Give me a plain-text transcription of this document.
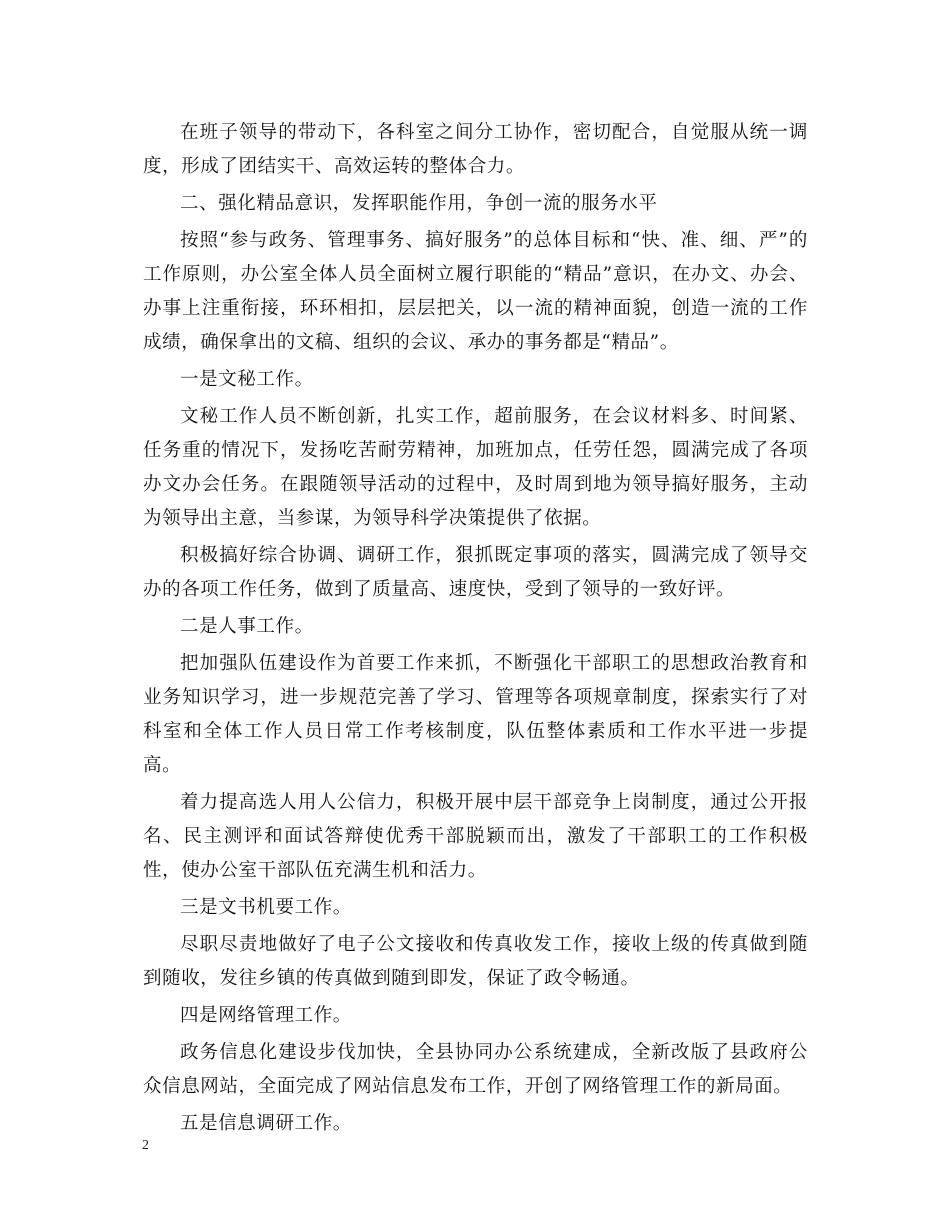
在班子领导的带动下，各科室之间分工协作，密切配合，自觉服从统一调度，形成了团结实干、高效运转的整体合力。

二、强化精品意识，发挥职能作用，争创一流的服务水平

按照“参与政务、管理事务、搞好服务”的总体目标和“快、准、细、严”的工作原则，办公室全体人员全面树立履行职能的“精品”意识，在办文、办会、办事上注重衔接，环环相扣，层层把关，以一流的精神面貌，创造一流的工作成绩，确保拿出的文稿、组织的会议、承办的事务都是“精品”。

一是文秘工作。

文秘工作人员不断创新，扎实工作，超前服务，在会议材料多、时间紧、任务重的情况下，发扬吃苦耐劳精神，加班加点，任劳任怨，圆满完成了各项办文办会任务。在跟随领导活动的过程中，及时周到地为领导搞好服务，主动为领导出主意，当参谋，为领导科学决策提供了依据。

积极搞好综合协调、调研工作，狠抓既定事项的落实，圆满完成了领导交办的各项工作任务，做到了质量高、速度快，受到了领导的一致好评。

二是人事工作。

把加强队伍建设作为首要工作来抓，不断强化干部职工的思想政治教育和业务知识学习，进一步规范完善了学习、管理等各项规章制度，探索实行了对科室和全体工作人员日常工作考核制度，队伍整体素质和工作水平进一步提高。

着力提高选人用人公信力，积极开展中层干部竞争上岗制度，通过公开报名、民主测评和面试答辩使优秀干部脱颖而出，激发了干部职工的工作积极性，使办公室干部队伍充满生机和活力。

三是文书机要工作。

尽职尽责地做好了电子公文接收和传真收发工作，接收上级的传真做到随到随收，发往乡镇的传真做到随到即发，保证了政令畅通。

四是网络管理工作。

政务信息化建设步伐加快，全县协同办公系统建成，全新改版了县政府公众信息网站，全面完成了网站信息发布工作，开创了网络管理工作的新局面。

五是信息调研工作。

2
